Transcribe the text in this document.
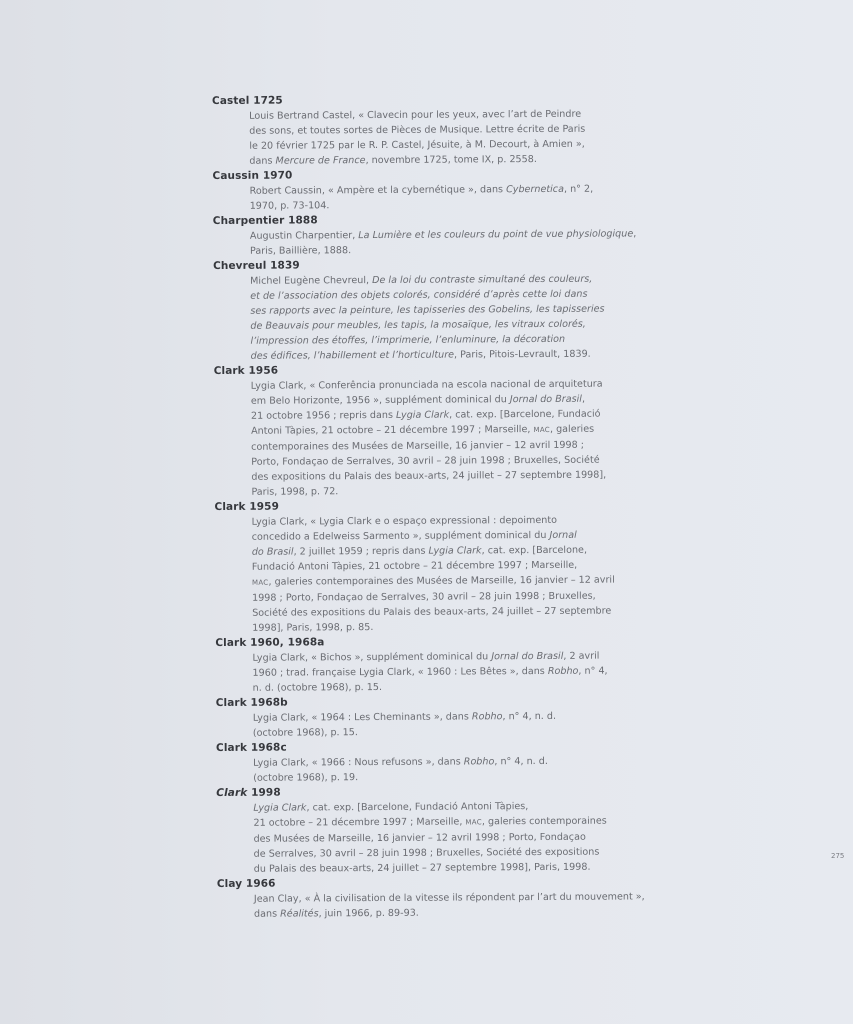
Castel 1725
Louis Bertrand Castel, « Clavecin pour les yeux, avec l’art de Peindre
des sons, et toutes sortes de Pièces de Musique. Lettre écrite de Paris
le 20 février 1725 par le R. P. Castel, Jésuite, à M. Decourt, à Amien »,
dans Mercure de France, novembre 1725, tome IX, p. 2558.
Caussin 1970
Robert Caussin, « Ampère et la cybernétique », dans Cybernetica, n° 2,
1970, p. 73-104.
Charpentier 1888
Augustin Charpentier, La Lumière et les couleurs du point de vue physiologique,
Paris, Baillière, 1888.
Chevreul 1839
Michel Eugène Chevreul, De la loi du contraste simultané des couleurs,
et de l’association des objets colorés, considéré d’après cette loi dans
ses rapports avec la peinture, les tapisseries des Gobelins, les tapisseries
de Beauvais pour meubles, les tapis, la mosaïque, les vitraux colorés,
l’impression des étoffes, l’imprimerie, l’enluminure, la décoration
des édifices, l’habillement et l’horticulture, Paris, Pitois-Levrault, 1839.
Clark 1956
Lygia Clark, « Conferência pronunciada na escola nacional de arquitetura
em Belo Horizonte, 1956 », supplément dominical du Jornal do Brasil,
21 octobre 1956 ; repris dans Lygia Clark, cat. exp. [Barcelone, Fundació
Antoni Tàpies, 21 octobre – 21 décembre 1997 ; Marseille, MAC, galeries
contemporaines des Musées de Marseille, 16 janvier – 12 avril 1998 ;
Porto, Fondaçao de Serralves, 30 avril – 28 juin 1998 ; Bruxelles, Société
des expositions du Palais des beaux-arts, 24 juillet – 27 septembre 1998],
Paris, 1998, p. 72.
Clark 1959
Lygia Clark, « Lygia Clark e o espaço expressional : depoimento
concedido a Edelweiss Sarmento », supplément dominical du Jornal
do Brasil, 2 juillet 1959 ; repris dans Lygia Clark, cat. exp. [Barcelone,
Fundació Antoni Tàpies, 21 octobre – 21 décembre 1997 ; Marseille,
MAC, galeries contemporaines des Musées de Marseille, 16 janvier – 12 avril
1998 ; Porto, Fondaçao de Serralves, 30 avril – 28 juin 1998 ; Bruxelles,
Société des expositions du Palais des beaux-arts, 24 juillet – 27 septembre
1998], Paris, 1998, p. 85.
Clark 1960, 1968a
Lygia Clark, « Bichos », supplément dominical du Jornal do Brasil, 2 avril
1960 ; trad. française Lygia Clark, « 1960 : Les Bêtes », dans Robho, n° 4,
n. d. (octobre 1968), p. 15.
Clark 1968b
Lygia Clark, « 1964 : Les Cheminants », dans Robho, n° 4, n. d.
(octobre 1968), p. 15.
Clark 1968c
Lygia Clark, « 1966 : Nous refusons », dans Robho, n° 4, n. d.
(octobre 1968), p. 19.
Clark 1998
Lygia Clark, cat. exp. [Barcelone, Fundació Antoni Tàpies,
21 octobre – 21 décembre 1997 ; Marseille, MAC, galeries contemporaines
des Musées de Marseille, 16 janvier – 12 avril 1998 ; Porto, Fondaçao
de Serralves, 30 avril – 28 juin 1998 ; Bruxelles, Société des expositions
du Palais des beaux-arts, 24 juillet – 27 septembre 1998], Paris, 1998.
Clay 1966
Jean Clay, « À la civilisation de la vitesse ils répondent par l’art du mouvement »,
dans Réalités, juin 1966, p. 89-93.
275
